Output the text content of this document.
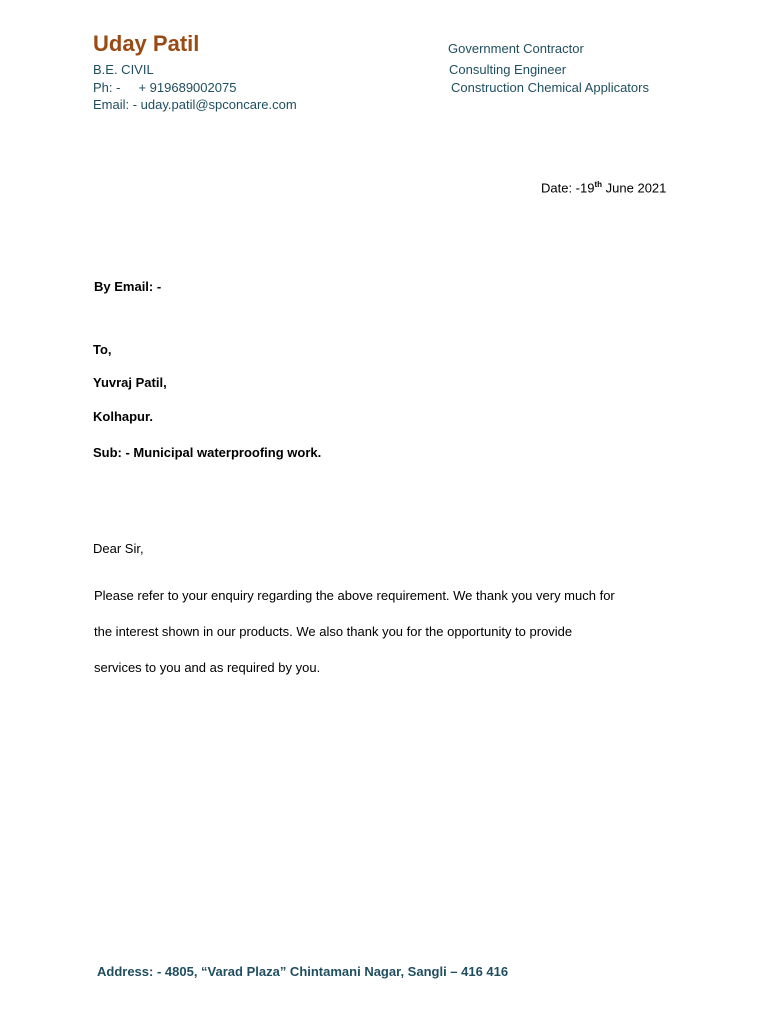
Uday Patil
B.E. CIVIL
Ph: - + 919689002075
Email: - uday.patil@spconcare.com
Government Contractor
Consulting Engineer
Construction Chemical Applicators
Date: -19th June 2021
By Email: -
To,
Yuvraj Patil,
Kolhapur.
Sub: - Municipal waterproofing work.
Dear Sir,
Please refer to your enquiry regarding the above requirement. We thank you very much for
the interest shown in our products. We also thank you for the opportunity to provide
services to you and as required by you.
Address: - 4805, “Varad Plaza” Chintamani Nagar, Sangli – 416 416
